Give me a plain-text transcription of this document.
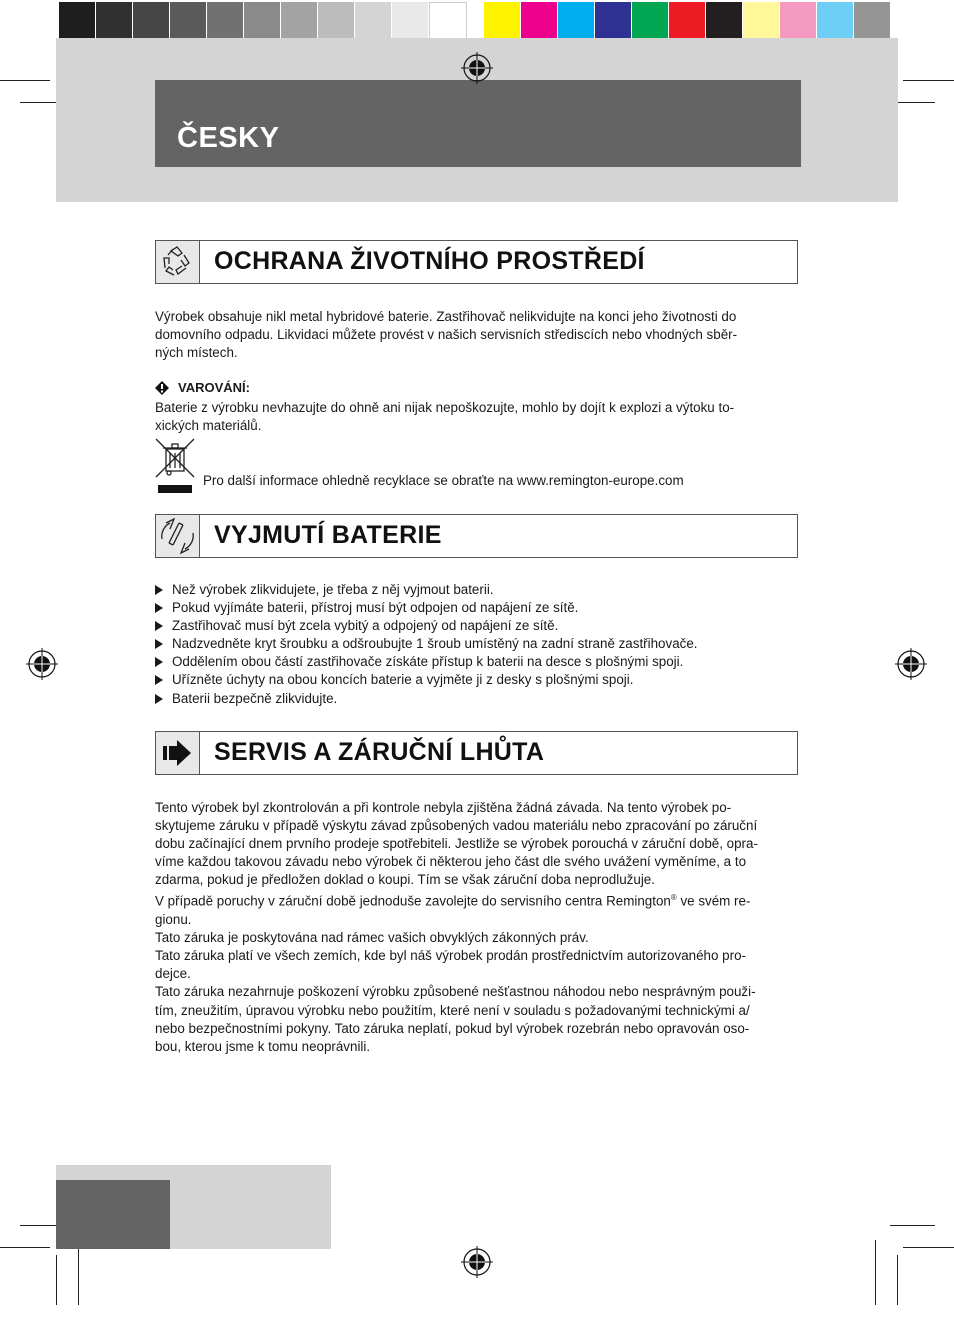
ČESKY
OCHRANA ŽIVOTNÍHO PROSTŘEDÍ

Výrobek obsahuje nikl metal hybridové baterie. Zastřihovač nelikvidujte na konci jeho životnosti do

domovního odpadu. Likvidaci můžete provést v našich servisních střediscích nebo vhodných sběr-

ných místech.

VAROVÁNÍ:

Baterie z výrobku nevhazujte do ohně ani nijak nepoškozujte, mohlo by dojít k explozi a výtoku to-

xických materiálů.

Pro další informace ohledně recyklace se obraťte na www.remington-europe.com
VYJMUTÍ BATERIE
Než výrobek zlikvidujete, je třeba z něj vyjmout baterii.
Pokud vyjímáte baterii, přístroj musí být odpojen od napájení ze sítě.
Zastřihovač musí být zcela vybitý a odpojený od napájení ze sítě.
Nadzvedněte kryt šroubku a odšroubujte 1 šroub umístěný na zadní straně zastřihovače.
Oddělením obou částí zastřihovače získáte přístup k baterii na desce s plošnými spoji.
Uřízněte úchyty na obou koncích baterie a vyjměte ji z desky s plošnými spoji.
Baterii bezpečně zlikvidujte.
SERVIS A ZÁRUČNÍ LHŮTA

Tento výrobek byl zkontrolován a při kontrole nebyla zjištěna žádná závada. Na tento výrobek po-

skytujeme záruku v případě výskytu závad způsobených vadou materiálu nebo zpracování po záruční

dobu začínající dnem prvního prodeje spotřebiteli. Jestliže se výrobek porouchá v záruční době, opra-

víme každou takovou závadu nebo výrobek či některou jeho část dle svého uvážení vyměníme, a to

zdarma, pokud je předložen doklad o koupi. Tím se však záruční doba neprodlužuje.

V případě poruchy v záruční době jednoduše zavolejte do servisního centra Remington® ve svém re-

gionu.

Tato záruka je poskytována nad rámec vašich obvyklých zákonných práv.

Tato záruka platí ve všech zemích, kde byl náš výrobek prodán prostřednictvím autorizovaného pro-

dejce.

Tato záruka nezahrnuje poškození výrobku způsobené nešťastnou náhodou nebo nesprávným použi-

tím, zneužitím, úpravou výrobku nebo použitím, které není v souladu s požadovanými technickými a/

nebo bezpečnostními pokyny. Tato záruka neplatí, pokud byl výrobek rozebrán nebo opravován oso-

bou, kterou jsme k tomu neoprávnili.
